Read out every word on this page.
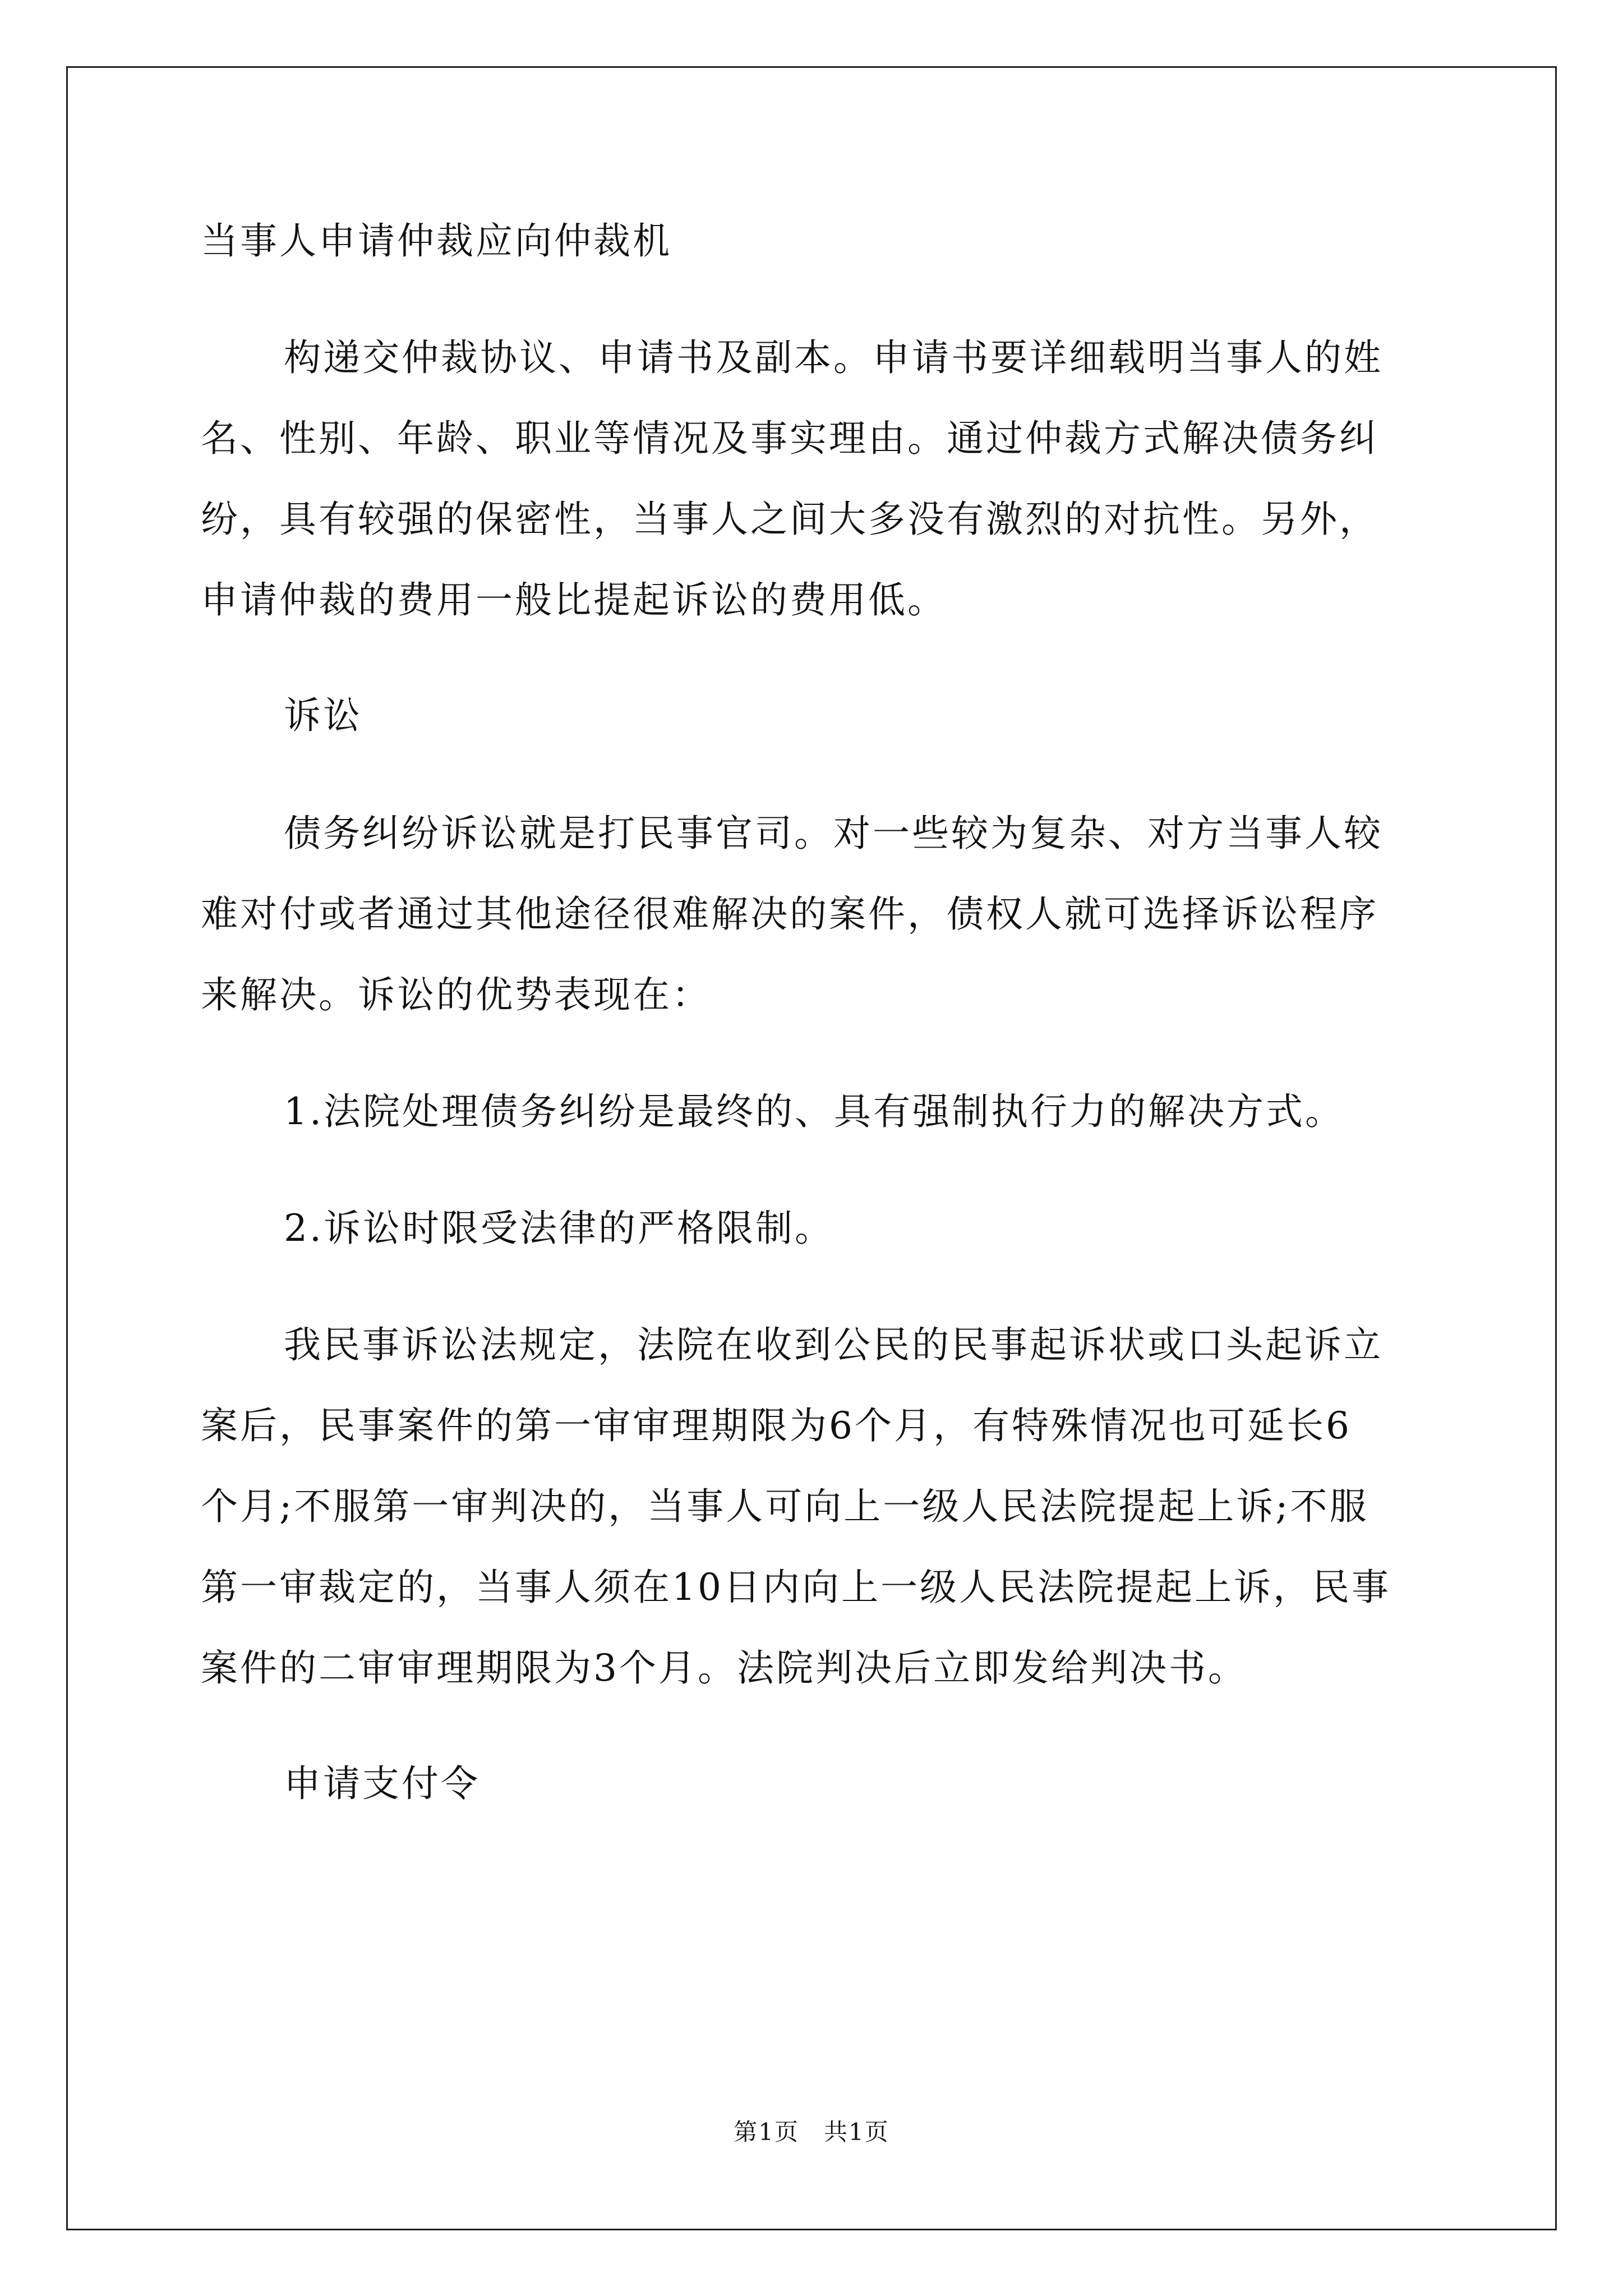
当事人申请仲裁应向仲裁机
构递交仲裁协议、申请书及副本。申请书要详细载明当事人的姓
名、性别、年龄、职业等情况及事实理由。通过仲裁方式解决债务纠
纷，具有较强的保密性，当事人之间大多没有激烈的对抗性。另外，
申请仲裁的费用一般比提起诉讼的费用低。
诉讼
债务纠纷诉讼就是打民事官司。对一些较为复杂、对方当事人较
难对付或者通过其他途径很难解决的案件，债权人就可选择诉讼程序
来解决。诉讼的优势表现在：
1.法院处理债务纠纷是最终的、具有强制执行力的解决方式。
2.诉讼时限受法律的严格限制。
我民事诉讼法规定，法院在收到公民的民事起诉状或口头起诉立
案后，民事案件的第一审审理期限为6个月，有特殊情况也可延长6
个月;不服第一审判决的，当事人可向上一级人民法院提起上诉;不服
第一审裁定的，当事人须在10日内向上一级人民法院提起上诉，民事
案件的二审审理期限为3个月。法院判决后立即发给判决书。
申请支付令
第1页　共1页
